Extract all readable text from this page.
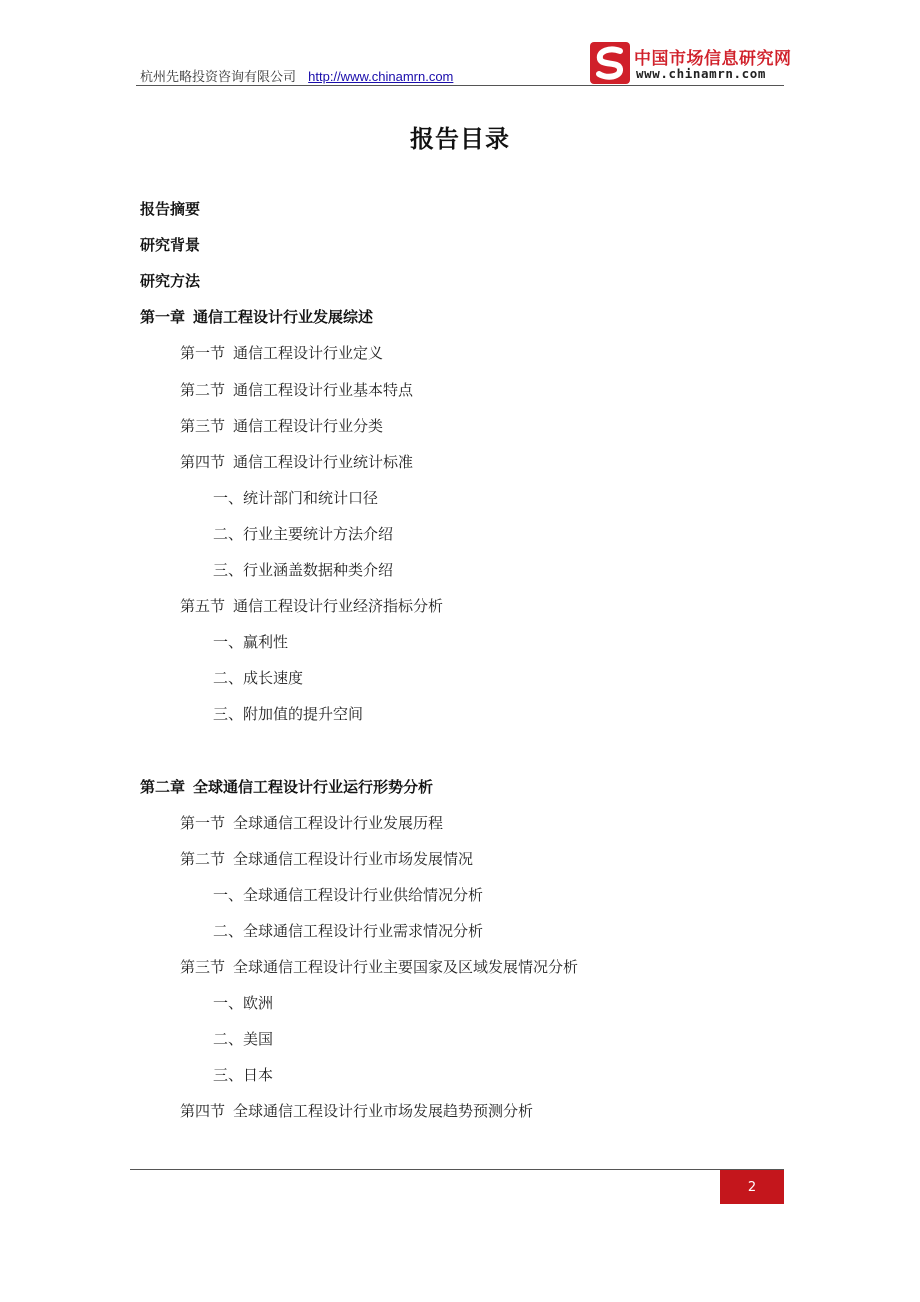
杭州先略投资咨询有限公司 http://www.chinamrn.com
中国市场信息研究网
www.chinamrn.com
报告目录
报告摘要
研究背景
研究方法
第一章 通信工程设计行业发展综述
第一节 通信工程设计行业定义
第二节 通信工程设计行业基本特点
第三节 通信工程设计行业分类
第四节 通信工程设计行业统计标准
一、统计部门和统计口径
二、行业主要统计方法介绍
三、行业涵盖数据种类介绍
第五节 通信工程设计行业经济指标分析
一、赢利性
二、成长速度
三、附加值的提升空间
第二章 全球通信工程设计行业运行形势分析
第一节 全球通信工程设计行业发展历程
第二节 全球通信工程设计行业市场发展情况
一、全球通信工程设计行业供给情况分析
二、全球通信工程设计行业需求情况分析
第三节 全球通信工程设计行业主要国家及区域发展情况分析
一、欧洲
二、美国
三、日本
第四节 全球通信工程设计行业市场发展趋势预测分析
2
